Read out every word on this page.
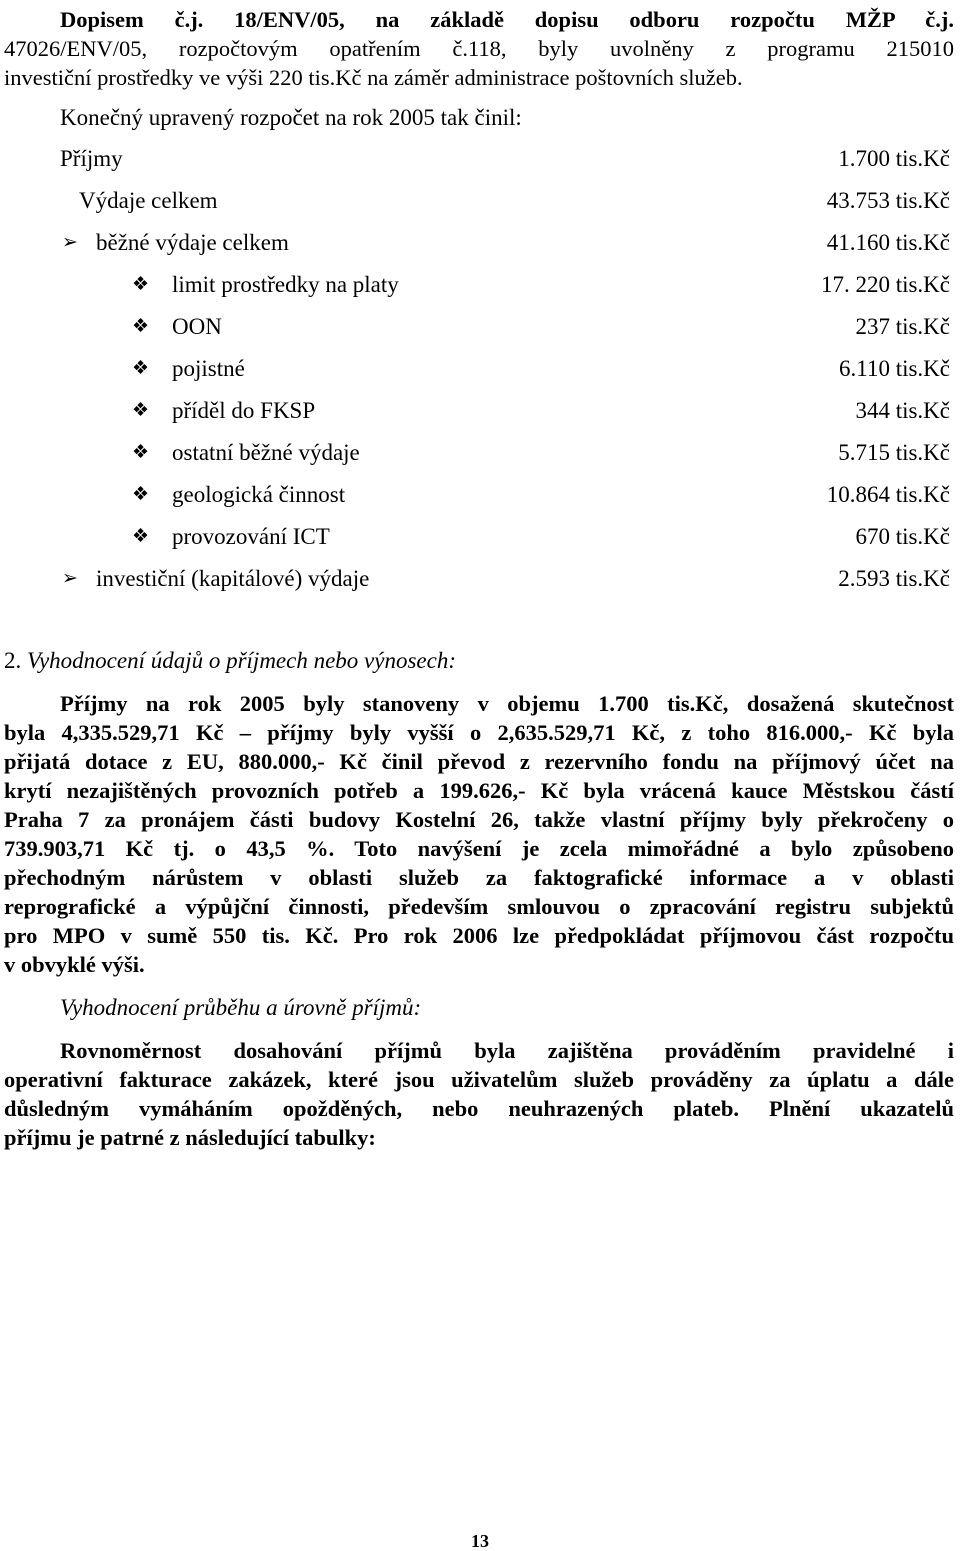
Dopisem č.j. 18/ENV/05, na základě dopisu odboru rozpočtu MŽP č.j.
47026/ENV/05, rozpočtovým opatřením č.118, byly uvolněny z programu 215010
investiční prostředky ve výši 220 tis.Kč na záměr administrace poštovních služeb.
Konečný upravený rozpočet na rok 2005 tak činil:
Příjmy	1.700 tis.Kč
Výdaje celkem	43.753 tis.Kč
➢ běžné výdaje celkem	41.160 tis.Kč
❖ limit prostředky na platy	17. 220 tis.Kč
❖ OON	237 tis.Kč
❖ pojistné	6.110 tis.Kč
❖ příděl do FKSP	344 tis.Kč
❖ ostatní běžné výdaje	5.715 tis.Kč
❖ geologická činnost	10.864 tis.Kč
❖ provozování ICT	670 tis.Kč
➢ investiční (kapitálové) výdaje	2.593 tis.Kč
2. Vyhodnocení údajů o příjmech nebo výnosech:
Příjmy na rok 2005 byly stanoveny v objemu 1.700 tis.Kč, dosažená skutečnost
byla 4,335.529,71 Kč – příjmy byly vyšší o 2,635.529,71 Kč, z toho 816.000,- Kč byla
přijatá dotace z EU, 880.000,- Kč činil převod z rezervního fondu na příjmový účet na
krytí nezajištěných provozních potřeb a 199.626,- Kč byla vrácená kauce Městskou částí
Praha 7 za pronájem části budovy Kostelní 26, takže vlastní příjmy byly překročeny o
739.903,71 Kč tj. o 43,5 %. Toto navýšení je zcela mimořádné a bylo způsobeno
přechodným nárůstem v oblasti služeb za faktografické informace a v oblasti
reprografické a výpůjční činnosti, především smlouvou o zpracování registru subjektů
pro MPO v sumě 550 tis. Kč. Pro rok 2006 lze předpokládat příjmovou část rozpočtu
v obvyklé výši.
Vyhodnocení průběhu a úrovně příjmů:
Rovnoměrnost dosahování příjmů byla zajištěna prováděním pravidelné i
operativní fakturace zakázek, které jsou uživatelům služeb prováděny za úplatu a dále
důsledným vymáháním opožděných, nebo neuhrazených plateb. Plnění ukazatelů
příjmu je patrné z následující tabulky:
13
